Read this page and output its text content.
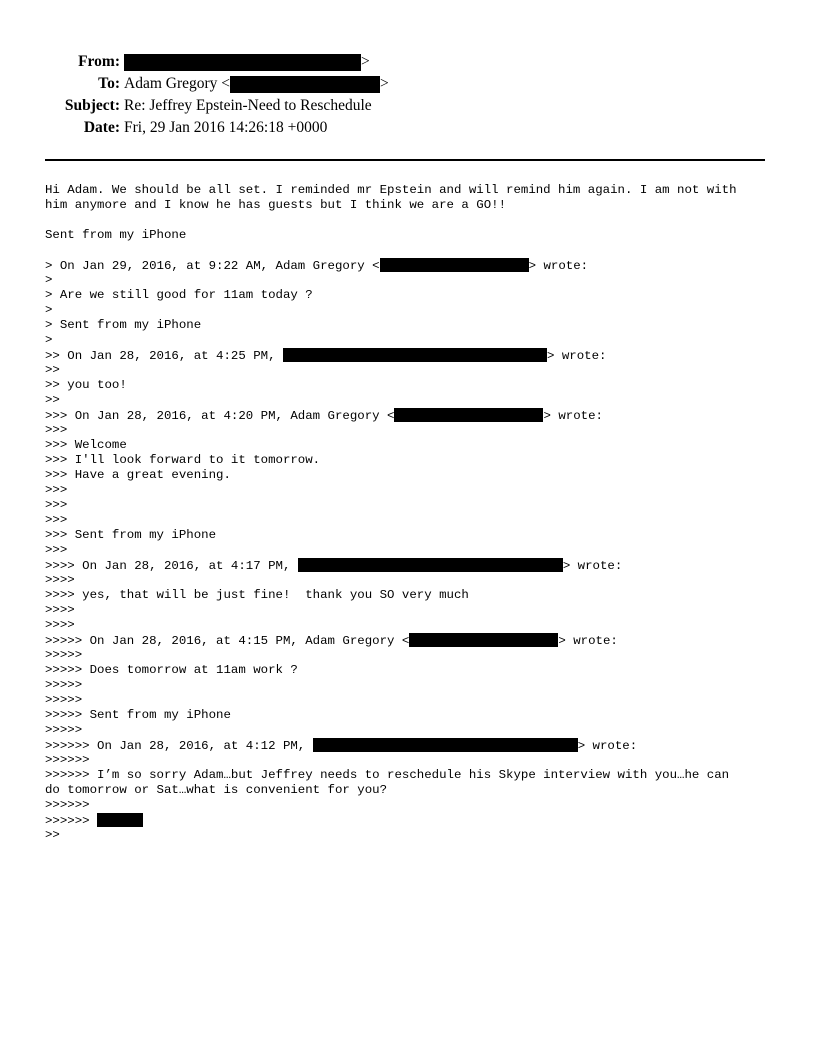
From:	>
To: Adam Gregory <	>
Subject: Re: Jeffrey Epstein-Need to Reschedule
Date: Fri, 29 Jan 2016 14:26:18 +0000
Hi Adam. We should be all set. I reminded mr Epstein and will remind him again. I am not with
him anymore and I know he has guests but I think we are a GO!!
Sent from my iPhone
> On Jan 29, 2016, at 9:22 AM, Adam Gregory <	> wrote:
>
> Are we still good for 11am today ?
>
> Sent from my iPhone
>
>> On Jan 28, 2016, at 4:25 PM,	> wrote:
>>
>> you too!
>>
>>> On Jan 28, 2016, at 4:20 PM, Adam Gregory <	> wrote:
>>>
>>> Welcome
>>> I'll look forward to it tomorrow.
>>> Have a great evening.
>>>
>>>
>>>
>>> Sent from my iPhone
>>>
>>>> On Jan 28, 2016, at 4:17 PM,	> wrote:
>>>>
>>>> yes, that will be just fine!  thank you SO very much
>>>>
>>>>
>>>>> On Jan 28, 2016, at 4:15 PM, Adam Gregory <	> wrote:
>>>>>
>>>>> Does tomorrow at 11am work ?
>>>>>
>>>>>
>>>>> Sent from my iPhone
>>>>>
>>>>>> On Jan 28, 2016, at 4:12 PM,	> wrote:
>>>>>>
>>>>>> I’m so sorry Adam…but Jeffrey needs to reschedule his Skype interview with you…he can
do tomorrow or Sat…what is convenient for you?
>>>>>>
>>>>>>
>>
